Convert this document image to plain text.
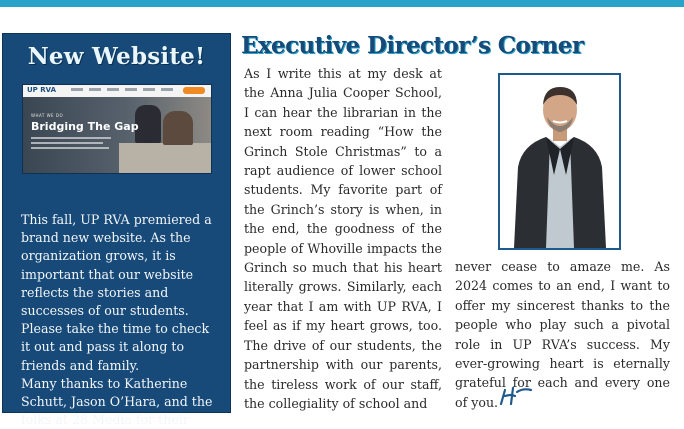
New Website!
UP RVA
WHAT WE DO
Bridging The Gap

This fall, UP RVA premiered a brand new website. As the organization grows, it is important that our website reflects the stories and successes of our students. Please take the time to check it out and pass it along to friends and family.

Many thanks to Katherine Schutt, Jason O’Hara, and the folks at 28 Media for their

Executive Director’s Corner

As I write this at my desk at the Anna Julia Cooper School, I can hear the librarian in the next room reading “How the Grinch Stole Christmas” to a rapt audience of lower school students. My favorite part of the Grinch’s story is when, in the end, the goodness of the people of Whoville impacts the Grinch so much that his heart literally grows. Similarly, each year that I am with UP RVA, I feel as if my heart grows, too. The drive of our students, the partnership with our parents, the tireless work of our staff, the collegiality of school and

never cease to amaze me. As 2024 comes to an end, I want to offer my sincerest thanks to the people who play such a pivotal role in UP RVA’s success. My ever-growing heart is eternally grateful for each and every one of you.
